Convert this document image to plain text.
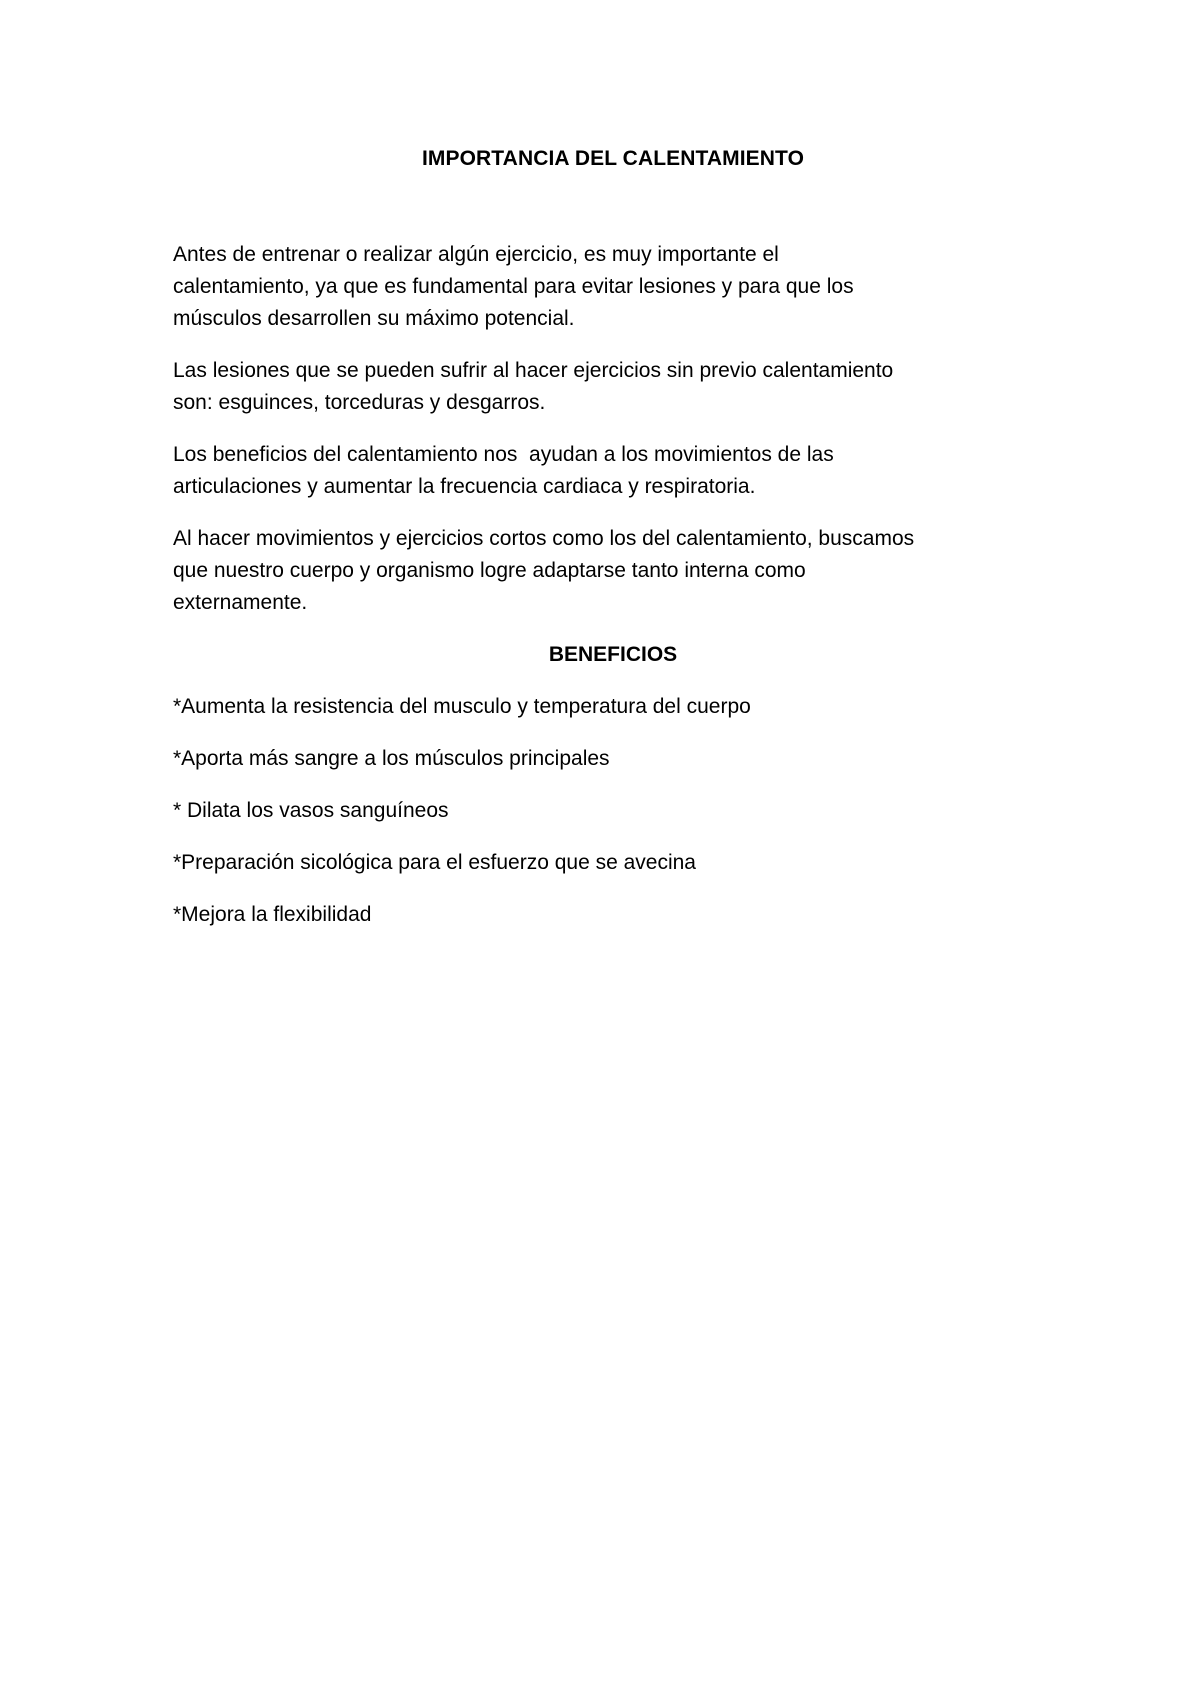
IMPORTANCIA DEL CALENTAMIENTO

Antes de entrenar o realizar algún ejercicio, es muy importante el
calentamiento, ya que es fundamental para evitar lesiones y para que los
músculos desarrollen su máximo potencial.

Las lesiones que se pueden sufrir al hacer ejercicios sin previo calentamiento
son: esguinces, torceduras y desgarros.

Los beneficios del calentamiento nos  ayudan a los movimientos de las
articulaciones y aumentar la frecuencia cardiaca y respiratoria.

Al hacer movimientos y ejercicios cortos como los del calentamiento, buscamos
que nuestro cuerpo y organismo logre adaptarse tanto interna como
externamente.

BENEFICIOS

*Aumenta la resistencia del musculo y temperatura del cuerpo

*Aporta más sangre a los músculos principales

* Dilata los vasos sanguíneos

*Preparación sicológica para el esfuerzo que se avecina

*Mejora la flexibilidad
